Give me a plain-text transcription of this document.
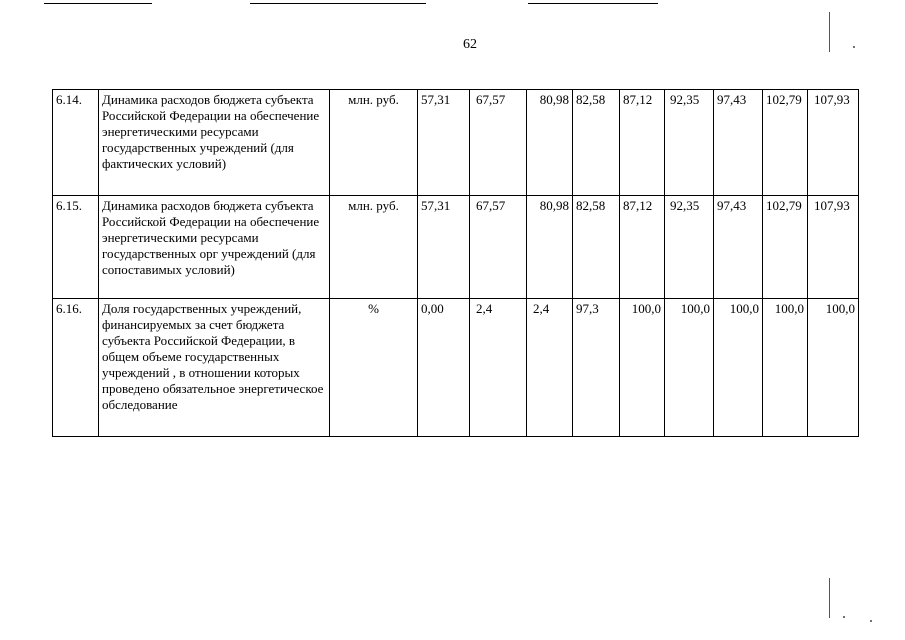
62
6.14.	Динамика расходов бюджета субъекта Российской Федерации на обеспечение энергетическими ресурсами государственных учреждений (для фактических условий)	млн. руб.	57,31	67,57	80,98	82,58	87,12	92,35	97,43	102,79	107,93
6.15.	Динамика расходов бюджета субъекта Российской Федерации на обеспечение энергетическими ресурсами государственных орг учреждений (для сопоставимых условий)	млн. руб.	57,31	67,57	80,98	82,58	87,12	92,35	97,43	102,79	107,93
6.16.	Доля государственных учреждений, финансируемых за счет бюджета субъекта Российской Федерации, в общем объеме государственных учреждений , в отношении которых проведено обязательное энергетическое обследование	%	0,00	2,4	2,4	97,3	100,0	100,0	100,0	100,0	100,0
